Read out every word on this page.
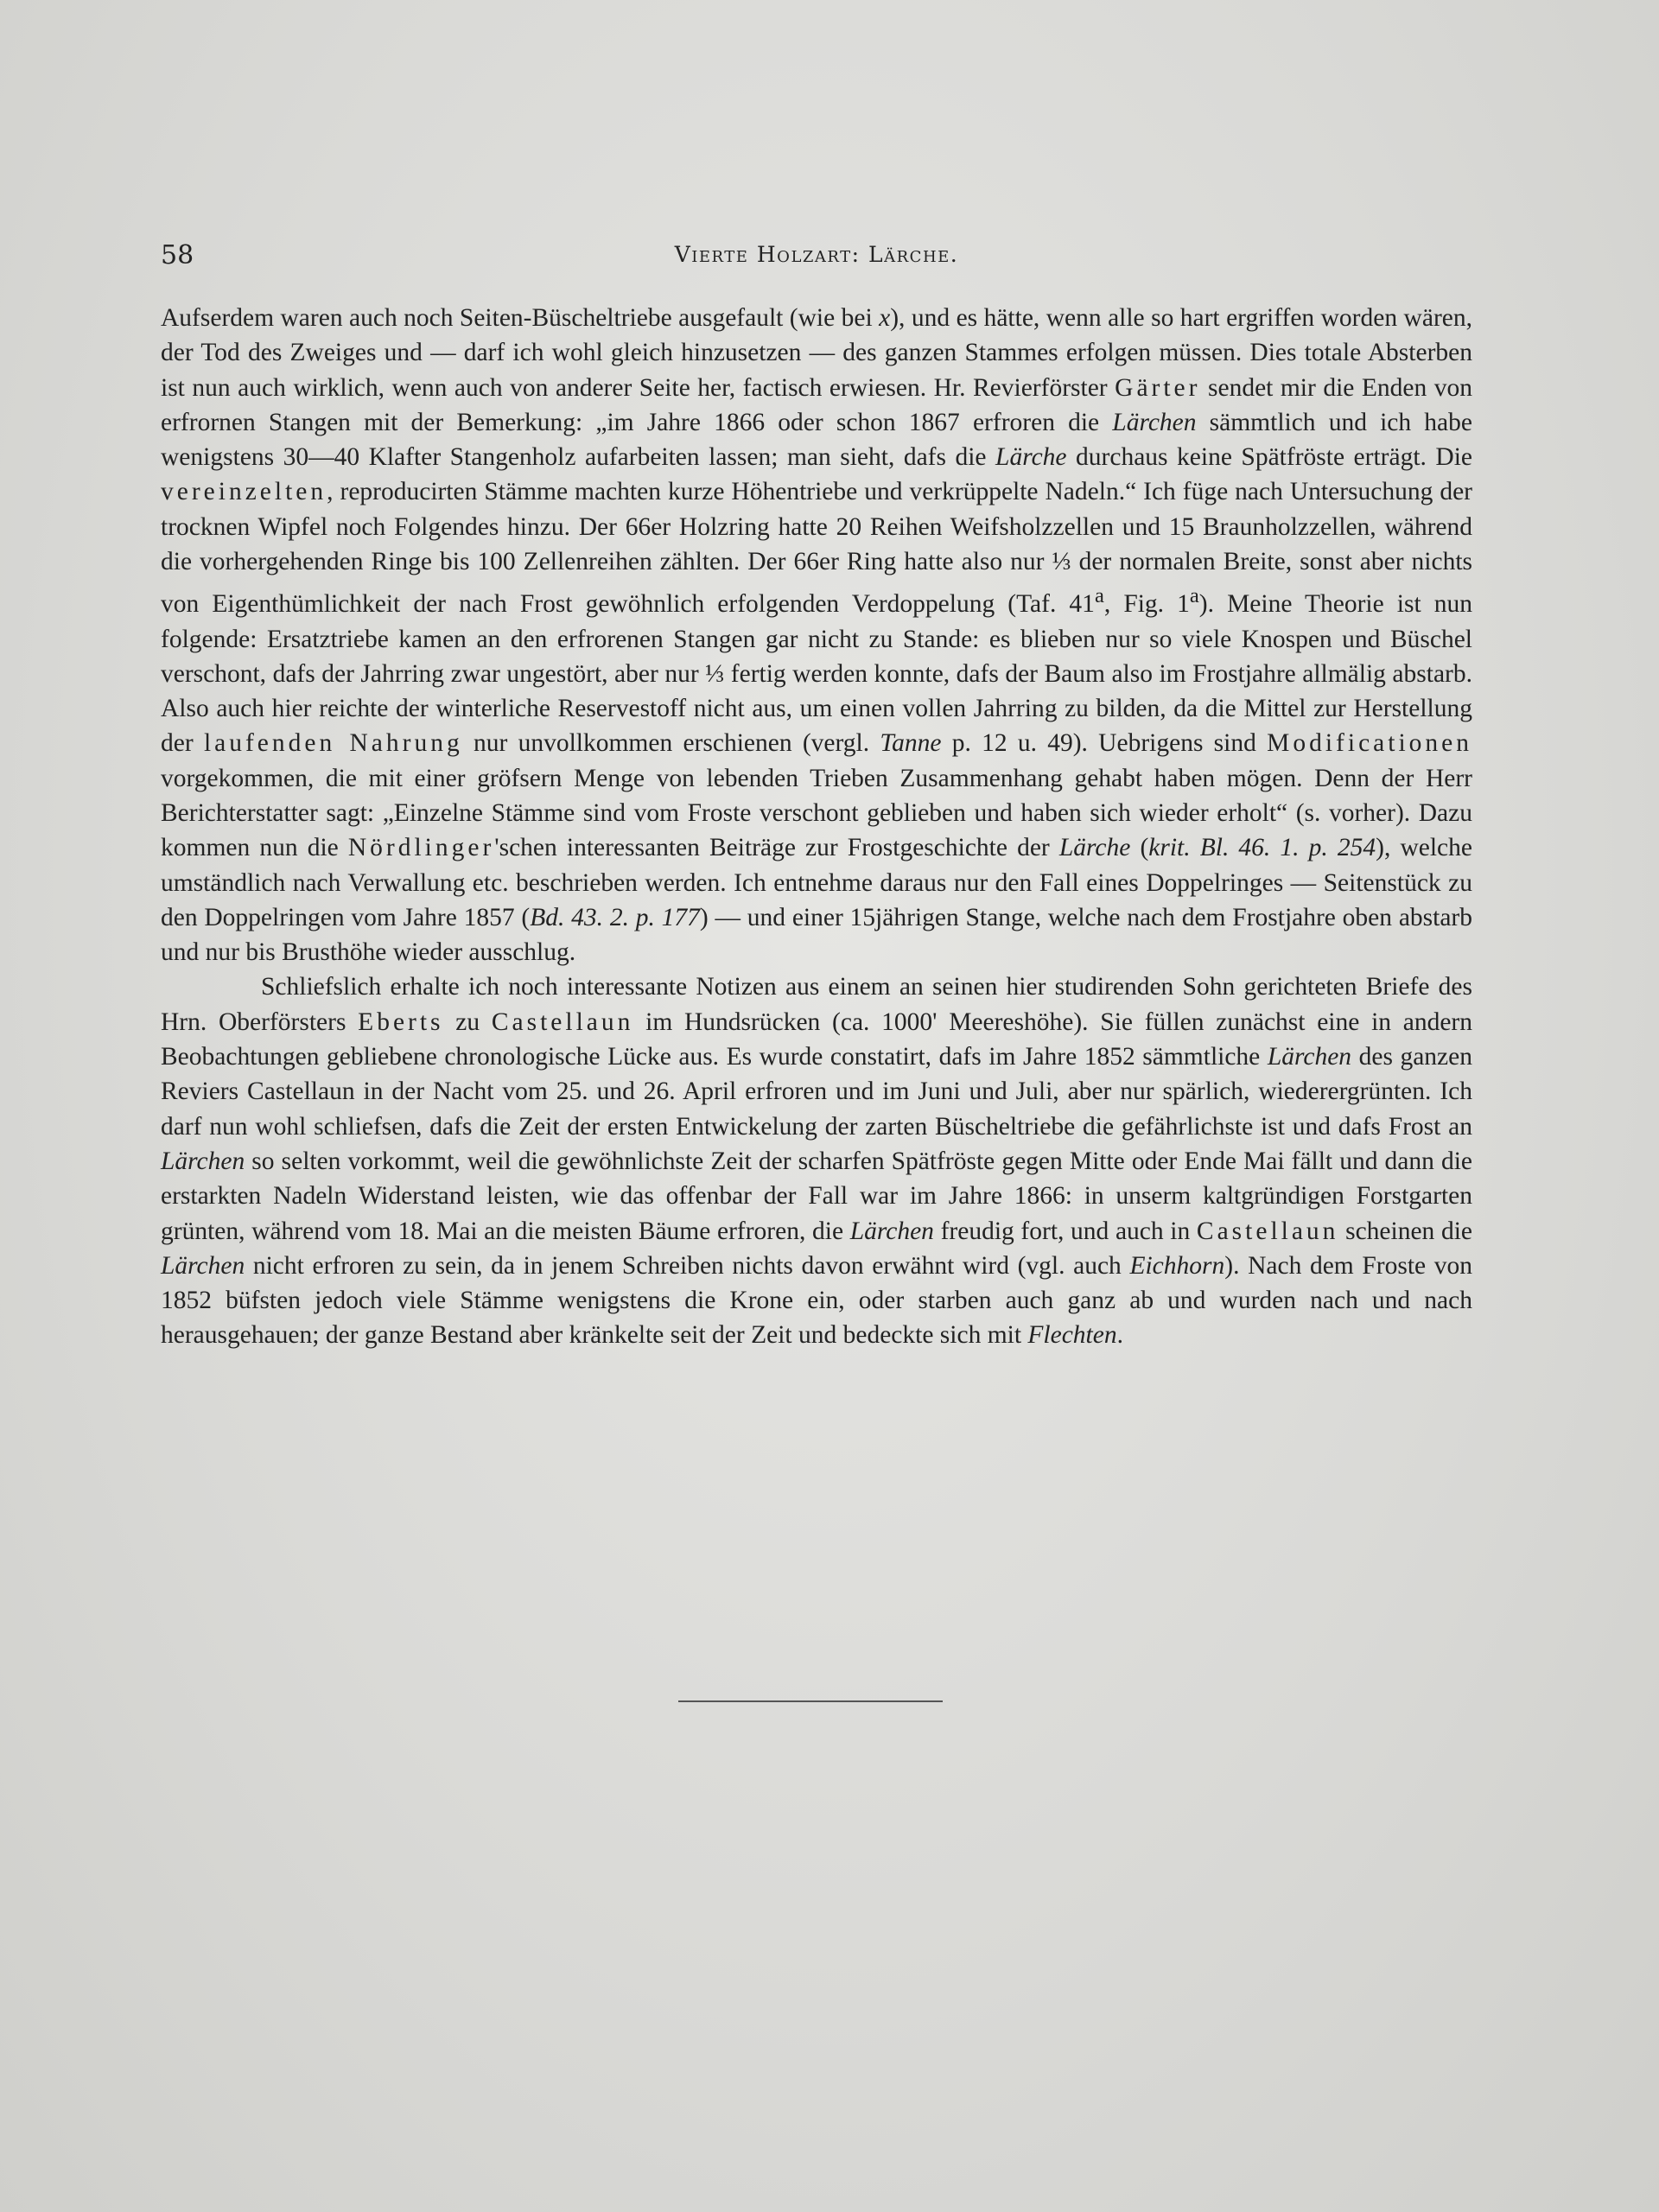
58	Vierte Holzart: Lärche.

Aufserdem waren auch noch Seiten-Büscheltriebe ausgefault (wie bei x), und es hätte, wenn alle so hart ergriffen worden wären, der Tod des Zweiges und — darf ich wohl gleich hinzusetzen — des ganzen Stammes erfolgen müssen. Dies totale Absterben ist nun auch wirklich, wenn auch von anderer Seite her, factisch erwiesen. Hr. Revierförster Gärter sendet mir die Enden von erfrornen Stangen mit der Bemerkung: „im Jahre 1866 oder schon 1867 erfroren die Lärchen sämmtlich und ich habe wenigstens 30—40 Klafter Stangenholz aufarbeiten lassen; man sieht, dafs die Lärche durchaus keine Spätfröste erträgt. Die vereinzelten, reproducirten Stämme machten kurze Höhentriebe und verkrüppelte Nadeln.“ Ich füge nach Untersuchung der trocknen Wipfel noch Folgendes hinzu. Der 66er Holzring hatte 20 Reihen Weifsholzzellen und 15 Braunholzzellen, während die vorhergehenden Ringe bis 100 Zellenreihen zählten. Der 66er Ring hatte also nur ⅓ der normalen Breite, sonst aber nichts von Eigenthümlichkeit der nach Frost gewöhnlich erfolgenden Verdoppelung (Taf. 41$^a$, Fig. 1$^a$). Meine Theorie ist nun folgende: Ersatztriebe kamen an den erfrorenen Stangen gar nicht zu Stande: es blieben nur so viele Knospen und Büschel verschont, dafs der Jahrring zwar ungestört, aber nur ⅓ fertig werden konnte, dafs der Baum also im Frostjahre allmälig abstarb. Also auch hier reichte der winterliche Reservestoff nicht aus, um einen vollen Jahrring zu bilden, da die Mittel zur Herstellung der laufenden Nahrung nur unvollkommen erschienen (vergl. Tanne p. 12 u. 49). Uebrigens sind Modificationen vorgekommen, die mit einer gröfsern Menge von lebenden Trieben Zusammenhang gehabt haben mögen. Denn der Herr Berichterstatter sagt: „Einzelne Stämme sind vom Froste verschont geblieben und haben sich wieder erholt“ (s. vorher). Dazu kommen nun die Nördlinger'schen interessanten Beiträge zur Frostgeschichte der Lärche (krit. Bl. 46. 1. p. 254), welche umständlich nach Verwallung etc. beschrieben werden. Ich entnehme daraus nur den Fall eines Doppelringes — Seitenstück zu den Doppelringen vom Jahre 1857 (Bd. 43. 2. p. 177) — und einer 15jährigen Stange, welche nach dem Frostjahre oben abstarb und nur bis Brusthöhe wieder ausschlug.

Schliefslich erhalte ich noch interessante Notizen aus einem an seinen hier studirenden Sohn gerichteten Briefe des Hrn. Oberförsters Eberts zu Castellaun im Hundsrücken (ca. 1000' Meereshöhe). Sie füllen zunächst eine in andern Beobachtungen gebliebene chronologische Lücke aus. Es wurde constatirt, dafs im Jahre 1852 sämmtliche Lärchen des ganzen Reviers Castellaun in der Nacht vom 25. und 26. April erfroren und im Juni und Juli, aber nur spärlich, wiederergrünten. Ich darf nun wohl schliefsen, dafs die Zeit der ersten Entwickelung der zarten Büscheltriebe die gefährlichste ist und dafs Frost an Lärchen so selten vorkommt, weil die gewöhnlichste Zeit der scharfen Spätfröste gegen Mitte oder Ende Mai fällt und dann die erstarkten Nadeln Widerstand leisten, wie das offenbar der Fall war im Jahre 1866: in unserm kaltgründigen Forstgarten grünten, während vom 18. Mai an die meisten Bäume erfroren, die Lärchen freudig fort, und auch in Castellaun scheinen die Lärchen nicht erfroren zu sein, da in jenem Schreiben nichts davon erwähnt wird (vgl. auch Eichhorn). Nach dem Froste von 1852 büfsten jedoch viele Stämme wenigstens die Krone ein, oder starben auch ganz ab und wurden nach und nach herausgehauen; der ganze Bestand aber kränkelte seit der Zeit und bedeckte sich mit Flechten.
